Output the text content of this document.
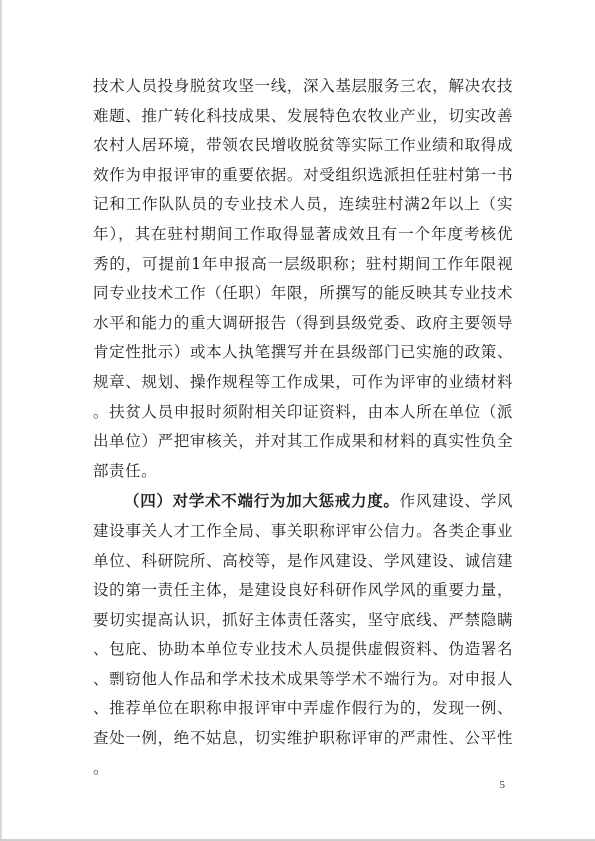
技术人员投身脱贫攻坚一线，深入基层服务三农，解决农技难题、推广转化科技成果、发展特色农牧业产业，切实改善农村人居环境，带领农民增收脱贫等实际工作业绩和取得成效作为申报评审的重要依据。对受组织选派担任驻村第一书记和工作队队员的专业技术人员，连续驻村满2年以上（实年），其在驻村期间工作取得显著成效且有一个年度考核优秀的，可提前1年申报高一层级职称；驻村期间工作年限视同专业技术工作（任职）年限，所撰写的能反映其专业技术水平和能力的重大调研报告（得到县级党委、政府主要领导肯定性批示）或本人执笔撰写并在县级部门已实施的政策、规章、规划、操作规程等工作成果，可作为评审的业绩材料。扶贫人员申报时须附相关印证资料，由本人所在单位（派出单位）严把审核关，并对其工作成果和材料的真实性负全部责任。

（四）对学术不端行为加大惩戒力度。作风建设、学风建设事关人才工作全局、事关职称评审公信力。各类企事业单位、科研院所、高校等，是作风建设、学风建设、诚信建设的第一责任主体，是建设良好科研作风学风的重要力量，要切实提高认识，抓好主体责任落实，坚守底线、严禁隐瞒、包庇、协助本单位专业技术人员提供虚假资料、伪造署名、剽窃他人作品和学术技术成果等学术不端行为。对申报人、推荐单位在职称申报评审中弄虚作假行为的，发现一例、查处一例，绝不姑息，切实维护职称评审的严肃性、公平性。

5
